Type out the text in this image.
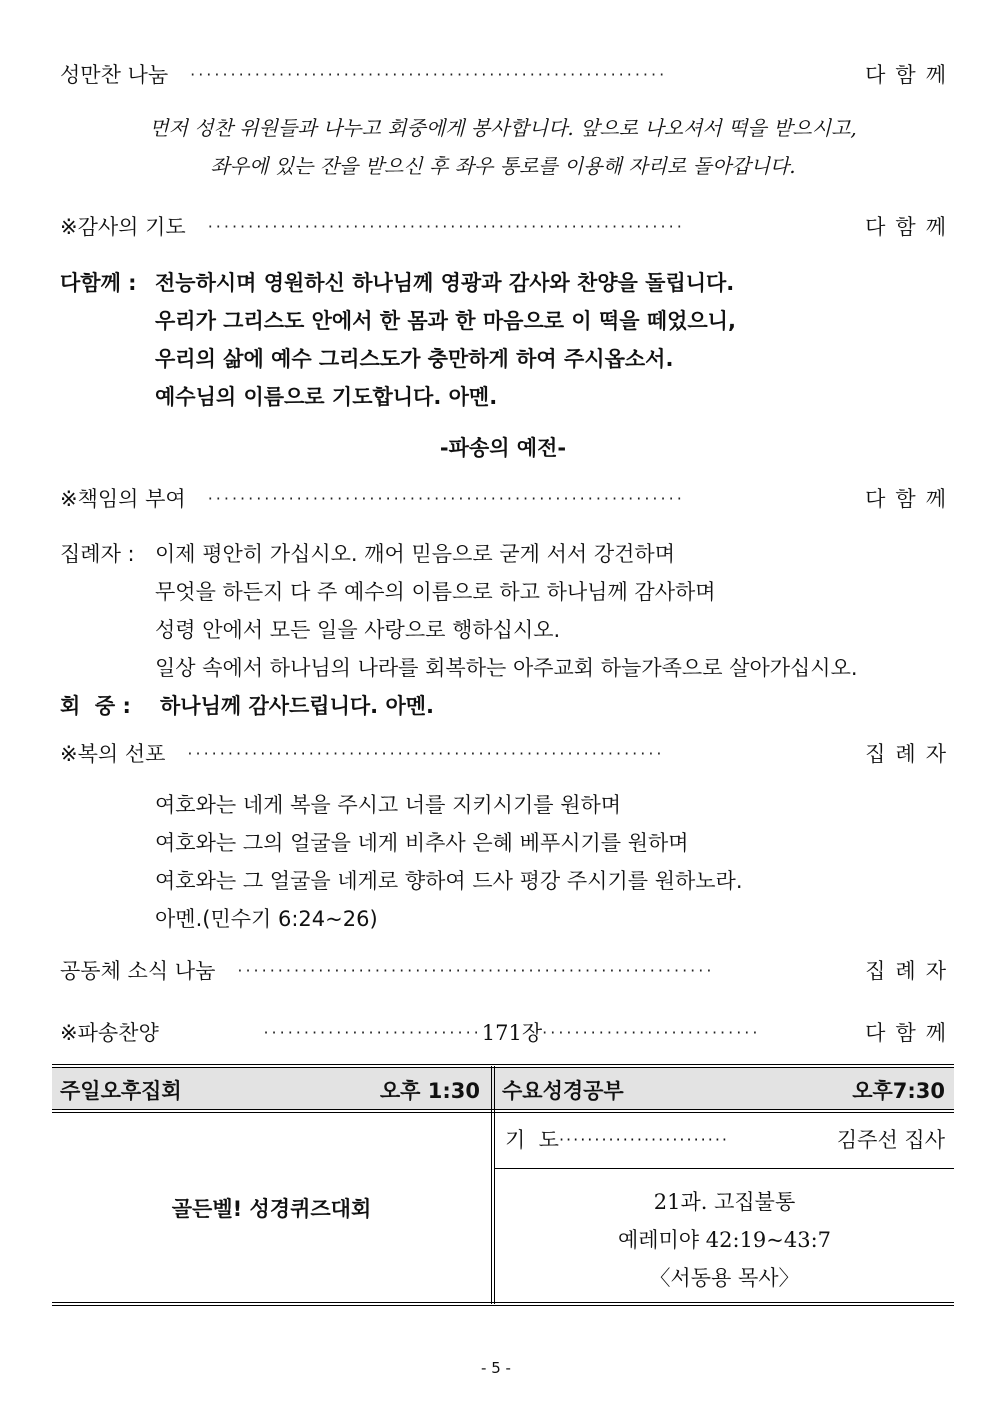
성만찬 나눔 ···························································	다함께
먼저 성찬 위원들과 나누고 회중에게 봉사합니다. 앞으로 나오셔서 떡을 받으시고,
좌우에 있는 잔을 받으신 후 좌우 통로를 이용해 자리로 돌아갑니다.
※감사의 기도 ···························································	다함께
다함께 : 전능하시며 영원하신 하나님께 영광과 감사와 찬양을 돌립니다.
우리가 그리스도 안에서 한 몸과 한 마음으로 이 떡을 떼었으니,
우리의 삶에 예수 그리스도가 충만하게 하여 주시옵소서.
예수님의 이름으로 기도합니다. 아멘.
-파송의 예전-
※책임의 부여 ···························································	다함께
집례자 : 이제 평안히 가십시오. 깨어 믿음으로 굳게 서서 강건하며
무엇을 하든지 다 주 예수의 이름으로 하고 하나님께 감사하며
성령 안에서 모든 일을 사랑으로 행하십시오.
일상 속에서 하나님의 나라를 회복하는 아주교회 하늘가족으로 살아가십시오.
회  중 : 하나님께 감사드립니다. 아멘.
※복의 선포 ···························································	집례자
여호와는 네게 복을 주시고 너를 지키시기를 원하며
여호와는 그의 얼굴을 네게 비추사 은혜 베푸시기를 원하며
여호와는 그 얼굴을 네게로 향하여 드사 평강 주시기를 원하노라.
아멘.(민수기 6:24~26)
공동체 소식 나눔 ···························································	집례자
※파송찬양	··························· 171장 ···························	다함께
주일오후집회	오후 1:30 수요성경공부	오후7:30
골든벨! 성경퀴즈대회
기  도 ························	김주선 집사
21과. 고집불통
예레미야 42:19~43:7
〈서동용 목사〉
- 5 -
